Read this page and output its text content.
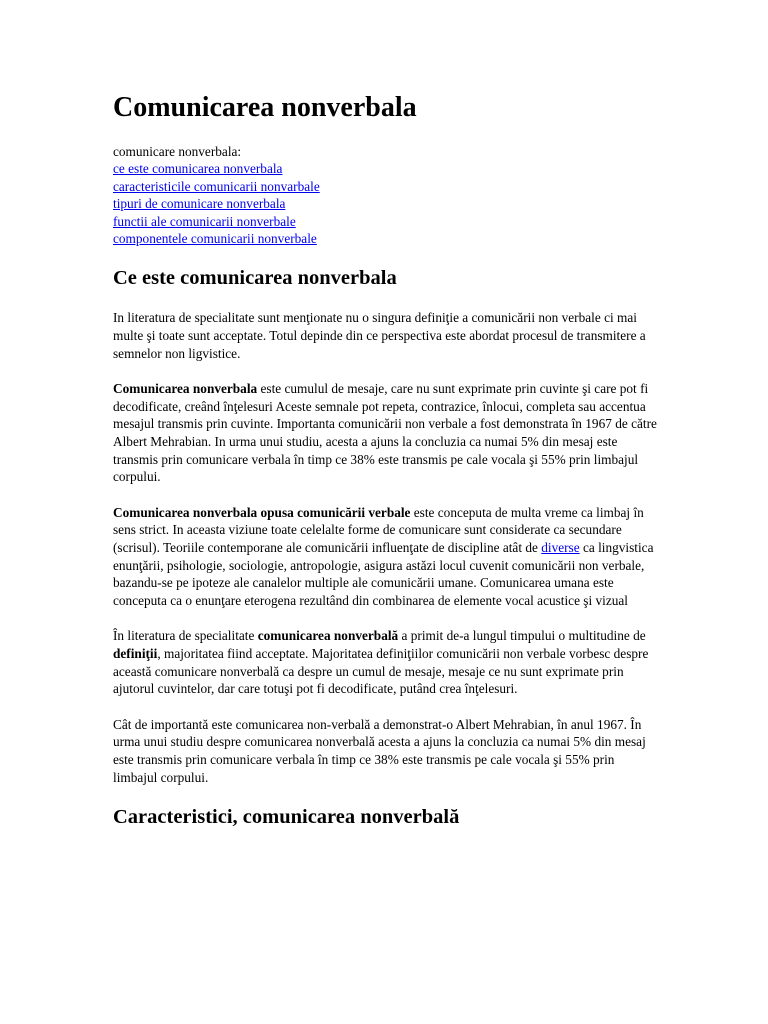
Comunicarea nonverbala
comunicare nonverbala:
ce este comunicarea nonverbala
caracteristicile comunicarii nonvarbale
tipuri de comunicare nonverbala
functii ale comunicarii nonverbale
componentele comunicarii nonverbale
Ce este comunicarea nonverbala

In literatura de specialitate sunt menţionate nu o singura definiţie a comunicării non verbale ci mai multe şi toate sunt acceptate. Totul depinde din ce perspectiva este abordat procesul de transmitere a semnelor non ligvistice.

Comunicarea nonverbala este cumulul de mesaje, care nu sunt exprimate prin cuvinte şi care pot fi decodificate, creând înţelesuri Aceste semnale pot repeta, contrazice, înlocui, completa sau accentua mesajul transmis prin cuvinte. Importanta comunicării non verbale a fost demonstrata în 1967 de către Albert Mehrabian. In urma unui studiu, acesta a ajuns la concluzia ca numai 5% din mesaj este transmis prin comunicare verbala în timp ce 38% este transmis pe cale vocala şi 55% prin limbajul corpului.

Comunicarea nonverbala opusa comunicării verbale este conceputa de multa vreme ca limbaj în sens strict. In aceasta viziune toate celelalte forme de comunicare sunt considerate ca secundare (scrisul). Teoriile contemporane ale comunicării influenţate de discipline atât de diverse ca lingvistica enunţării, psihologie, sociologie, antropologie, asigura astăzi locul cuvenit comunicării non verbale, bazandu-se pe ipoteze ale canalelor multiple ale comunicării umane. Comunicarea umana este conceputa ca o enunţare eterogena rezultând din combinarea de elemente vocal acustice şi vizual

În literatura de specialitate comunicarea nonverbală a primit de-a lungul timpului o multitudine de definiţii, majoritatea fiind acceptate. Majoritatea definiţiilor comunicării non verbale vorbesc despre această comunicare nonverbală ca despre un cumul de mesaje, mesaje ce nu sunt exprimate prin ajutorul cuvintelor, dar care totuşi pot fi decodificate, putând crea înţelesuri.

Cât de importantă este comunicarea non-verbală a demonstrat-o Albert Mehrabian, în anul 1967. În urma unui studiu despre comunicarea nonverbală acesta a ajuns la concluzia ca numai 5% din mesaj este transmis prin comunicare verbala în timp ce 38% este transmis pe cale vocala şi 55% prin limbajul corpului.

Caracteristici, comunicarea nonverbală
